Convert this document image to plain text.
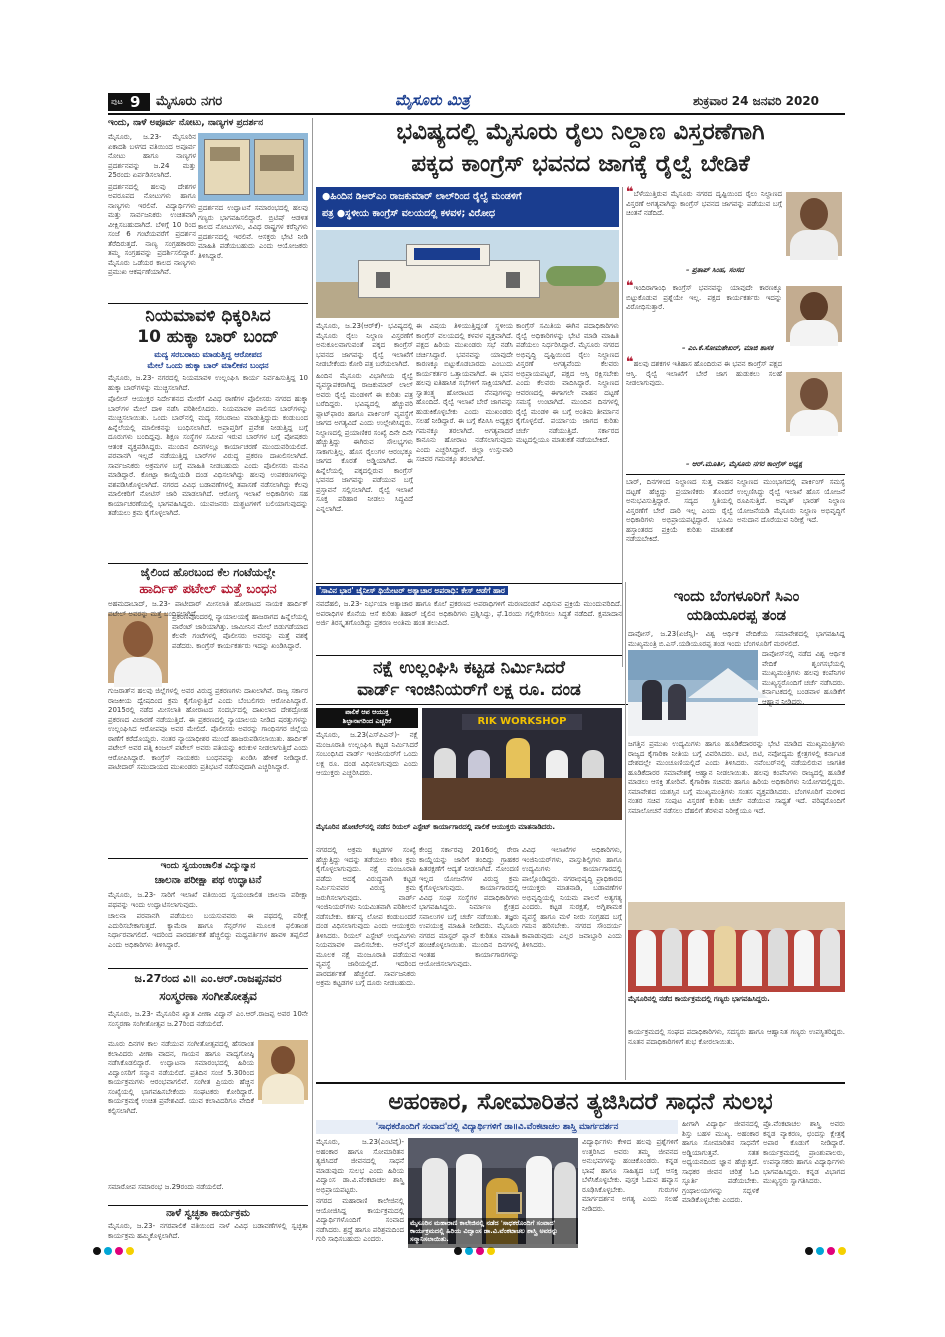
ಪುಟ 9 ಮೈಸೂರು ನಗರ	ಮೈಸೂರು ಮಿತ್ರ	ಶುಕ್ರವಾರ 24 ಜನವರಿ 2020
ಇಂದು, ನಾಳೆ ಅಪೂರ್ವ ನೋಟು, ನಾಣ್ಯಗಳ ಪ್ರದರ್ಶನ

ಮೈಸೂರು, ಜ.23- ಮೈಸೂರಿನ ಏಕಾದಶಿ ಬಳಗದ ವತಿಯಿಂದ ಅಪೂರ್ವ ನೋಟು ಹಾಗೂ ನಾಣ್ಯಗಳ ಪ್ರದರ್ಶನವನ್ನು ಜ.24 ಮತ್ತು 25ರಂದು ಏರ್ಪಡಿಸಲಾಗಿದೆ.

ಪ್ರದರ್ಶನದಲ್ಲಿ ಹಲವು ದೇಶಗಳ ಅಪರೂಪದ ನೋಟುಗಳು ಹಾಗೂ ನಾಣ್ಯಗಳು ಇರಲಿವೆ. ವಿದ್ಯಾರ್ಥಿಗಳು ಮತ್ತು ಸಾರ್ವಜನಿಕರು ಉಚಿತವಾಗಿ ವೀಕ್ಷಿಸಬಹುದಾಗಿದೆ. ಬೆಳಿಗ್ಗೆ 10 ರಿಂದ ಸಂಜೆ 6 ಗಂಟೆಯವರೆಗೆ ಪ್ರದರ್ಶನ ತೆರೆದಿರುತ್ತದೆ. ನಾಣ್ಯ ಸಂಗ್ರಹಕಾರರು ತಮ್ಮ ಸಂಗ್ರಹವನ್ನು ಪ್ರದರ್ಶಿಸಲಿದ್ದಾರೆ. ಮೈಸೂರು ಒಡೆಯರ ಕಾಲದ ನಾಣ್ಯಗಳು ಪ್ರಮುಖ ಆಕರ್ಷಣೆಯಾಗಿವೆ.

ಪ್ರದರ್ಶನದ ಉದ್ಘಾಟನೆ ಸಮಾರಂಭದಲ್ಲಿ ಹಲವು ಗಣ್ಯರು ಭಾಗವಹಿಸಲಿದ್ದಾರೆ. ಬ್ರಿಟಿಷ್ ಆಡಳಿತ ಕಾಲದ ನೋಟುಗಳು, ವಿವಿಧ ರಾಷ್ಟ್ರಗಳ ಕರೆನ್ಸಿಗಳು ಪ್ರದರ್ಶನದಲ್ಲಿ ಇರಲಿವೆ. ಆಸಕ್ತರು ಭೇಟಿ ನೀಡಿ ಮಾಹಿತಿ ಪಡೆಯಬಹುದು ಎಂದು ಆಯೋಜಕರು ತಿಳಿಸಿದ್ದಾರೆ.

ನಿಯಮಾವಳಿ ಧಿಕ್ಕರಿಸಿದ
10 ಹುಕ್ಕಾ ಬಾರ್ ಬಂದ್
ಮದ್ಯ ಸರಬರಾಜು ಮಾಡುತ್ತಿದ್ದ ಆರೋಪದ
ಮೇಲೆ ಒಂದು ಹುಕ್ಕಾ ಬಾರ್ ಮಾಲೀಕನ ಬಂಧನ

ಮೈಸೂರು, ಜ.23- ನಗರದಲ್ಲಿ ನಿಯಮಾವಳಿ ಉಲ್ಲಂಘಿಸಿ ಕಾರ್ಯ ನಿರ್ವಹಿಸುತ್ತಿದ್ದ 10 ಹುಕ್ಕಾ ಬಾರ್‌ಗಳನ್ನು ಮುಚ್ಚಿಸಲಾಗಿದೆ.

ಪೊಲೀಸ್ ಆಯುಕ್ತರ ನಿರ್ದೇಶನದ ಮೇರೆಗೆ ವಿವಿಧ ಠಾಣೆಗಳ ಪೊಲೀಸರು ನಗರದ ಹುಕ್ಕಾ ಬಾರ್‌ಗಳ ಮೇಲೆ ದಾಳಿ ನಡೆಸಿ ಪರಿಶೀಲಿಸಿದರು. ನಿಯಮಾವಳಿ ಪಾಲಿಸದ ಬಾರ್‌ಗಳನ್ನು ಮುಚ್ಚಿಸಲಾಯಿತು. ಒಂದು ಬಾರ್‌ನಲ್ಲಿ ಮದ್ಯ ಸರಬರಾಜು ಮಾಡುತ್ತಿದ್ದುದು ಕಂಡುಬಂದ ಹಿನ್ನೆಲೆಯಲ್ಲಿ ಮಾಲೀಕನನ್ನು ಬಂಧಿಸಲಾಗಿದೆ. ಅಪ್ರಾಪ್ತರಿಗೆ ಪ್ರವೇಶ ನೀಡುತ್ತಿದ್ದ ಬಗ್ಗೆ ದೂರುಗಳು ಬಂದಿದ್ದವು. ಶಿಕ್ಷಣ ಸಂಸ್ಥೆಗಳ ಸಮೀಪ ಇರುವ ಬಾರ್‌ಗಳ ಬಗ್ಗೆ ಪೋಷಕರು ಆತಂಕ ವ್ಯಕ್ತಪಡಿಸಿದ್ದರು. ಮುಂದಿನ ದಿನಗಳಲ್ಲೂ ಕಾರ್ಯಾಚರಣೆ ಮುಂದುವರಿಯಲಿದೆ. ಪರವಾನಗಿ ಇಲ್ಲದೆ ನಡೆಯುತ್ತಿದ್ದ ಬಾರ್‌ಗಳ ವಿರುದ್ಧ ಪ್ರಕರಣ ದಾಖಲಿಸಲಾಗಿದೆ. ಸಾರ್ವಜನಿಕರು ಅಕ್ರಮಗಳ ಬಗ್ಗೆ ಮಾಹಿತಿ ನೀಡಬಹುದು ಎಂದು ಪೊಲೀಸರು ಮನವಿ ಮಾಡಿದ್ದಾರೆ. ಕೋಟ್ಪಾ ಕಾಯ್ದೆಯಡಿ ದಂಡ ವಿಧಿಸಲಾಗಿದ್ದು ಹಲವು ಉಪಕರಣಗಳನ್ನು ವಶಪಡಿಸಿಕೊಳ್ಳಲಾಗಿದೆ. ನಗರದ ವಿವಿಧ ಬಡಾವಣೆಗಳಲ್ಲಿ ತಪಾಸಣೆ ನಡೆಸಲಾಗಿದ್ದು ಕೆಲವು ಮಾಲೀಕರಿಗೆ ನೋಟಿಸ್ ಜಾರಿ ಮಾಡಲಾಗಿದೆ. ಆರೋಗ್ಯ ಇಲಾಖೆ ಅಧಿಕಾರಿಗಳು ಸಹ ಕಾರ್ಯಾಚರಣೆಯಲ್ಲಿ ಭಾಗವಹಿಸಿದ್ದರು. ಯುವಜನರು ದುಶ್ಚಟಗಳಿಗೆ ಬಲಿಯಾಗುವುದನ್ನು ತಡೆಯಲು ಕ್ರಮ ಕೈಗೊಳ್ಳಲಾಗಿದೆ.

ಜೈಲಿಂದ ಹೊರಬಂದ ಕೆಲ ಗಂಟೆಯಲ್ಲೇ
ಹಾರ್ದಿಕ್ ಪಟೇಲ್ ಮತ್ತೆ ಬಂಧನ

ಅಹಮದಾಬಾದ್, ಜ.23- ಪಾಟೀದಾರ್ ಮೀಸಲಾತಿ ಹೋರಾಟದ ನಾಯಕ ಹಾರ್ದಿಕ್ ಪಟೇಲ್ ಅವರನ್ನು ಮತ್ತೆ ಬಂಧಿಸಲಾಗಿದೆ.

ಪ್ರಕರಣವೊಂದರಲ್ಲಿ ನ್ಯಾಯಾಲಯಕ್ಕೆ ಹಾಜರಾಗದ ಹಿನ್ನೆಲೆಯಲ್ಲಿ ವಾರೆಂಟ್ ಜಾರಿಯಾಗಿತ್ತು. ಜಾಮೀನಿನ ಮೇಲೆ ಬಿಡುಗಡೆಯಾದ ಕೆಲವೇ ಗಂಟೆಗಳಲ್ಲಿ ಪೊಲೀಸರು ಅವರನ್ನು ಮತ್ತೆ ವಶಕ್ಕೆ ಪಡೆದರು. ಕಾಂಗ್ರೆಸ್ ಕಾರ್ಯಕರ್ತರು ಇದನ್ನು ಖಂಡಿಸಿದ್ದಾರೆ.

ಗುಜರಾತ್‌ನ ಹಲವು ಜಿಲ್ಲೆಗಳಲ್ಲಿ ಅವರ ವಿರುದ್ಧ ಪ್ರಕರಣಗಳು ದಾಖಲಾಗಿವೆ. ರಾಜ್ಯ ಸರ್ಕಾರ ರಾಜಕೀಯ ದ್ವೇಷದಿಂದ ಕ್ರಮ ಕೈಗೊಳ್ಳುತ್ತಿದೆ ಎಂದು ಬೆಂಬಲಿಗರು ಆರೋಪಿಸಿದ್ದಾರೆ. 2015ರಲ್ಲಿ ನಡೆದ ಮೀಸಲಾತಿ ಹೋರಾಟದ ಸಂದರ್ಭದಲ್ಲಿ ದಾಖಲಾದ ದೇಶದ್ರೋಹ ಪ್ರಕರಣದ ವಿಚಾರಣೆ ನಡೆಯುತ್ತಿದೆ. ಈ ಪ್ರಕರಣದಲ್ಲಿ ನ್ಯಾಯಾಲಯ ನೀಡಿದ ಷರತ್ತುಗಳನ್ನು ಉಲ್ಲಂಘಿಸಿದ ಆರೋಪವೂ ಅವರ ಮೇಲಿದೆ. ಪೊಲೀಸರು ಅವರನ್ನು ಗಾಂಧಿನಗರ ಜಿಲ್ಲೆಯ ಠಾಣೆಗೆ ಕರೆದೊಯ್ದರು. ನಂತರ ನ್ಯಾಯಾಧೀಶರ ಮುಂದೆ ಹಾಜರುಪಡಿಸಲಾಯಿತು. ಹಾರ್ದಿಕ್ ಪಟೇಲ್ ಅವರ ಪತ್ನಿ ಕಿಂಜಲ್ ಪಟೇಲ್ ಅವರು ಪತಿಯನ್ನು ಕಿರುಕುಳ ನೀಡಲಾಗುತ್ತಿದೆ ಎಂದು ಆರೋಪಿಸಿದ್ದಾರೆ. ಕಾಂಗ್ರೆಸ್ ನಾಯಕರು ಬಂಧನವನ್ನು ಖಂಡಿಸಿ ಹೇಳಿಕೆ ನೀಡಿದ್ದಾರೆ. ಪಾಟೀದಾರ್ ಸಮುದಾಯದ ಮುಖಂಡರು ಪ್ರತಿಭಟನೆ ನಡೆಸುವುದಾಗಿ ಎಚ್ಚರಿಸಿದ್ದಾರೆ.

ಇಂದು ಸ್ವಯಂಚಾಲಿತ ವಿದ್ಯುನ್ಮಾನ
ಚಾಲನಾ ಪರೀಕ್ಷಾ ಪಥ ಉದ್ಘಾಟನೆ

ಮೈಸೂರು, ಜ.23- ಸಾರಿಗೆ ಇಲಾಖೆ ವತಿಯಿಂದ ಸ್ವಯಂಚಾಲಿತ ಚಾಲನಾ ಪರೀಕ್ಷಾ ಪಥವನ್ನು ಇಂದು ಉದ್ಘಾಟಿಸಲಾಗುವುದು.

ಚಾಲನಾ ಪರವಾನಗಿ ಪಡೆಯಲು ಬಯಸುವವರು ಈ ಪಥದಲ್ಲಿ ಪರೀಕ್ಷೆ ಎದುರಿಸಬೇಕಾಗುತ್ತದೆ. ಕ್ಯಾಮೆರಾ ಹಾಗೂ ಸೆನ್ಸರ್‌ಗಳ ಮೂಲಕ ಫಲಿತಾಂಶ ನಿರ್ಧಾರವಾಗಲಿದೆ. ಇದರಿಂದ ಪಾರದರ್ಶಕತೆ ಹೆಚ್ಚಲಿದ್ದು ಮಧ್ಯವರ್ತಿಗಳ ಹಾವಳಿ ತಪ್ಪಲಿದೆ ಎಂದು ಅಧಿಕಾರಿಗಳು ತಿಳಿಸಿದ್ದಾರೆ.

ಜ.27ರಂದ ವಿ॥ ಎಂ.ಆರ್.ರಾಜಪ್ಪನವರ
ಸಂಸ್ಮರಣಾ ಸಂಗೀತೋತ್ಸವ

ಮೈಸೂರು, ಜ.23- ಮೈಸೂರಿನ ಖ್ಯಾತ ವೀಣಾ ವಿದ್ವಾನ್ ಎಂ.ಆರ್.ರಾಜಪ್ಪ ಅವರ 10ನೇ ಸಂಸ್ಮರಣಾ ಸಂಗೀತೋತ್ಸವ ಜ.27ರಿಂದ ನಡೆಯಲಿದೆ.

ಮೂರು ದಿನಗಳ ಕಾಲ ನಡೆಯುವ ಸಂಗೀತೋತ್ಸವದಲ್ಲಿ ಹೆಸರಾಂತ ಕಲಾವಿದರು ವೀಣಾ ವಾದನ, ಗಾಯನ ಹಾಗೂ ವಾದ್ಯಗೋಷ್ಠಿ ನಡೆಸಿಕೊಡಲಿದ್ದಾರೆ. ಉದ್ಘಾಟನಾ ಸಮಾರಂಭದಲ್ಲಿ ಹಿರಿಯ ವಿದ್ವಾಂಸರಿಗೆ ಸನ್ಮಾನ ನಡೆಯಲಿದೆ. ಪ್ರತಿದಿನ ಸಂಜೆ 5.30ರಿಂದ ಕಾರ್ಯಕ್ರಮಗಳು ಆರಂಭವಾಗಲಿವೆ. ಸಂಗೀತ ಪ್ರಿಯರು ಹೆಚ್ಚಿನ ಸಂಖ್ಯೆಯಲ್ಲಿ ಭಾಗವಹಿಸಬೇಕೆಂದು ಸಂಘಟಕರು ಕೋರಿದ್ದಾರೆ. ಕಾರ್ಯಕ್ರಮಕ್ಕೆ ಉಚಿತ ಪ್ರವೇಶವಿದೆ. ಯುವ ಕಲಾವಿದರಿಗೂ ವೇದಿಕೆ ಕಲ್ಪಿಸಲಾಗಿದೆ.

ಸಮಾರೋಪ ಸಮಾರಂಭ ಜ.29ರಂದು ನಡೆಯಲಿದೆ.

ನಾಳೆ ಸ್ವಚ್ಛತಾ ಕಾರ್ಯಕ್ರಮ

ಮೈಸೂರು, ಜ.23- ನಗರಪಾಲಿಕೆ ವತಿಯಿಂದ ನಾಳೆ ವಿವಿಧ ಬಡಾವಣೆಗಳಲ್ಲಿ ಸ್ವಚ್ಛತಾ ಕಾರ್ಯಕ್ರಮ ಹಮ್ಮಿಕೊಳ್ಳಲಾಗಿದೆ.

ಭವಿಷ್ಯದಲ್ಲಿ ಮೈಸೂರು ರೈಲು ನಿಲ್ದಾಣ ವಿಸ್ತರಣೆಗಾಗಿ
ಪಕ್ಕದ ಕಾಂಗ್ರೆಸ್ ಭವನದ ಜಾಗಕ್ಕೆ ರೈಲ್ವೆ ಬೇಡಿಕೆ
●ಹಿಂದಿನ ಡಿಆರ್‌ಎಂ ರಾಜಕುಮಾರ್ ಲಾಲ್‌ರಿಂದ ರೈಲ್ವೆ ಮಂಡಳಿಗೆ
ಪತ್ರ ●ಸ್ಥಳೀಯ ಕಾಂಗ್ರೆಸ್ ವಲಯದಲ್ಲಿ ಕಳವಳ; ವಿರೋಧ

ಮೈಸೂರು, ಜ.23(ಆರ್‌ಕೆ)- ಭವಿಷ್ಯದಲ್ಲಿ ಮೈಸೂರು ರೈಲು ನಿಲ್ದಾಣ ವಿಸ್ತರಣೆಗೆ ಅನುಕೂಲವಾಗುವಂತೆ ಪಕ್ಕದ ಕಾಂಗ್ರೆಸ್ ಭವನದ ಜಾಗವನ್ನು ರೈಲ್ವೆ ಇಲಾಖೆಗೆ ನೀಡಬೇಕೆಂದು ಕೋರಿ ಪತ್ರ ಬರೆಯಲಾಗಿದೆ.

ಹಿಂದಿನ ಮೈಸೂರು ವಿಭಾಗೀಯ ರೈಲ್ವೆ ವ್ಯವಸ್ಥಾಪಕರಾಗಿದ್ದ ರಾಜಕುಮಾರ್ ಲಾಲ್ ಅವರು ರೈಲ್ವೆ ಮಂಡಳಿಗೆ ಈ ಕುರಿತು ಪತ್ರ ಬರೆದಿದ್ದರು. ಭವಿಷ್ಯದಲ್ಲಿ ಹೆಚ್ಚುವರಿ ಪ್ಲಾಟ್‌ಫಾರಂ ಹಾಗೂ ಪಾರ್ಕಿಂಗ್ ವ್ಯವಸ್ಥೆಗೆ ಜಾಗದ ಅಗತ್ಯವಿದೆ ಎಂದು ಉಲ್ಲೇಖಿಸಿದ್ದರು. ನಿಲ್ದಾಣದಲ್ಲಿ ಪ್ರಯಾಣಿಕರ ಸಂಖ್ಯೆ ದಿನೇ ದಿನೇ ಹೆಚ್ಚುತ್ತಿದ್ದು ಈಗಿರುವ ಸೌಲಭ್ಯಗಳು ಸಾಕಾಗುತ್ತಿಲ್ಲ. ಹೊಸ ರೈಲುಗಳ ಆರಂಭಕ್ಕೂ ಜಾಗದ ಕೊರತೆ ಅಡ್ಡಿಯಾಗಿದೆ. ಈ ಹಿನ್ನೆಲೆಯಲ್ಲಿ ಪಕ್ಕದಲ್ಲಿರುವ ಕಾಂಗ್ರೆಸ್ ಭವನದ ಜಾಗವನ್ನು ಪಡೆಯುವ ಬಗ್ಗೆ ಪ್ರಸ್ತಾವನೆ ಸಲ್ಲಿಸಲಾಗಿದೆ. ರೈಲ್ವೆ ಇಲಾಖೆ ಸೂಕ್ತ ಪರಿಹಾರ ನೀಡಲು ಸಿದ್ಧವಿದೆ ಎನ್ನಲಾಗಿದೆ.

ಈ ವಿಷಯ ತಿಳಿಯುತ್ತಿದ್ದಂತೆ ಸ್ಥಳೀಯ ಕಾಂಗ್ರೆಸ್ ವಲಯದಲ್ಲಿ ಕಳವಳ ವ್ಯಕ್ತವಾಗಿದೆ. ಪಕ್ಷದ ಹಿರಿಯ ಮುಖಂಡರು ಸಭೆ ನಡೆಸಿ ಚರ್ಚಿಸಿದ್ದಾರೆ. ಭವನವನ್ನು ಯಾವುದೇ ಕಾರಣಕ್ಕೂ ಬಿಟ್ಟುಕೊಡಬಾರದು ಎಂಬುದು ಕಾರ್ಯಕರ್ತರ ಒತ್ತಾಯವಾಗಿದೆ. ಈ ಭವನ ಹಲವು ಐತಿಹಾಸಿಕ ಸಭೆಗಳಿಗೆ ಸಾಕ್ಷಿಯಾಗಿದೆ. ಸ್ವಾತಂತ್ರ್ಯ ಹೋರಾಟದ ನೆನಪುಗಳನ್ನು ಹೊಂದಿದೆ. ರೈಲ್ವೆ ಇಲಾಖೆ ಬೇರೆ ಜಾಗವನ್ನು ಹುಡುಕಿಕೊಳ್ಳಬೇಕು ಎಂದು ಮುಖಂಡರು ಸಲಹೆ ನೀಡಿದ್ದಾರೆ. ಈ ಬಗ್ಗೆ ಕೆಪಿಸಿಸಿ ಅಧ್ಯಕ್ಷರ ಗಮನಕ್ಕೂ ತರಲಾಗಿದೆ. ಅಗತ್ಯವಾದರೆ ಕಾನೂನು ಹೋರಾಟ ನಡೆಸಲಾಗುವುದು ಎಂದು ಎಚ್ಚರಿಸಿದ್ದಾರೆ. ಜಿಲ್ಲಾ ಉಸ್ತುವಾರಿ ಸಚಿವರ ಗಮನಕ್ಕೂ ತರಲಾಗಿದೆ.

ಕಾಂಗ್ರೆಸ್ ಸಮಿತಿಯ ಈಗಿನ ಪದಾಧಿಕಾರಿಗಳು ರೈಲ್ವೆ ಅಧಿಕಾರಿಗಳನ್ನು ಭೇಟಿ ಮಾಡಿ ಮಾಹಿತಿ ಪಡೆಯಲು ನಿರ್ಧರಿಸಿದ್ದಾರೆ. ಮೈಸೂರು ನಗರದ ಅಭಿವೃದ್ಧಿ ದೃಷ್ಟಿಯಿಂದ ರೈಲು ನಿಲ್ದಾಣದ ವಿಸ್ತರಣೆ ಅಗತ್ಯವೆಂದು ಕೆಲವರು ಅಭಿಪ್ರಾಯಪಟ್ಟರೆ, ಪಕ್ಷದ ಆಸ್ತಿ ರಕ್ಷಿಸಬೇಕು ಎಂದು ಕೆಲವರು ವಾದಿಸಿದ್ದಾರೆ. ನಿಲ್ದಾಣದ ಆವರಣದಲ್ಲಿ ಈಗಾಗಲೇ ವಾಹನ ದಟ್ಟಣೆ ಸಮಸ್ಯೆ ಉಂಟಾಗಿದೆ. ಮುಂದಿನ ದಿನಗಳಲ್ಲಿ ರೈಲ್ವೆ ಮಂಡಳಿ ಈ ಬಗ್ಗೆ ಅಂತಿಮ ತೀರ್ಮಾನ ಕೈಗೊಳ್ಳಲಿದೆ. ಪರ್ಯಾಯ ಜಾಗದ ಕುರಿತು ಚರ್ಚೆ ನಡೆಯುತ್ತಿದೆ. ಸರ್ಕಾರದ ಮಟ್ಟದಲ್ಲಿಯೂ ಮಾತುಕತೆ ನಡೆಯಬೇಕಿದೆ.

❝ಬೆಳೆಯುತ್ತಿರುವ ಮೈಸೂರು ನಗರದ ದೃಷ್ಟಿಯಿಂದ ರೈಲು ನಿಲ್ದಾಣದ ವಿಸ್ತರಣೆ ಅಗತ್ಯವಾಗಿದ್ದು ಕಾಂಗ್ರೆಸ್ ಭವನದ ಜಾಗವನ್ನು ಪಡೆಯುವ ಬಗ್ಗೆ ಚಿಂತನೆ ನಡೆದಿದೆ.
– ಪ್ರತಾಪ್ ಸಿಂಹ, ಸಂಸದ
❝ಇಂದಿರಾಗಾಂಧಿ ಕಾಂಗ್ರೆಸ್ ಭವನವನ್ನು ಯಾವುದೇ ಕಾರಣಕ್ಕೂ ಬಿಟ್ಟುಕೊಡುವ ಪ್ರಶ್ನೆಯೇ ಇಲ್ಲ. ಪಕ್ಷದ ಕಾರ್ಯಕರ್ತರು ಇದನ್ನು ವಿರೋಧಿಸುತ್ತಾರೆ.
– ಎಂ.ಕೆ.ಸೋಮಶೇಖರ್, ಮಾಜಿ ಶಾಸಕ
❝ಹಲವು ದಶಕಗಳ ಇತಿಹಾಸ ಹೊಂದಿರುವ ಈ ಭವನ ಕಾಂಗ್ರೆಸ್ ಪಕ್ಷದ ಆಸ್ತಿ. ರೈಲ್ವೆ ಇಲಾಖೆಗೆ ಬೇರೆ ಜಾಗ ಹುಡುಕಲು ಸಲಹೆ ನೀಡಲಾಗುವುದು.
– ಆರ್.ಮೂರ್ತಿ, ಮೈಸೂರು ನಗರ ಕಾಂಗ್ರೆಸ್ ಅಧ್ಯಕ್ಷ

ಬಾರ್, ದಿನಗಳಿಂದ ನಿಲ್ದಾಣದ ಸುತ್ತ ವಾಹನ ದಟ್ಟಣೆ ಹೆಚ್ಚಿದ್ದು ಪ್ರಯಾಣಿಕರು ತೊಂದರೆ ಅನುಭವಿಸುತ್ತಿದ್ದಾರೆ. ಸದ್ಯದ ಸ್ಥಿತಿಯಲ್ಲಿ ವಿಸ್ತರಣೆಗೆ ಬೇರೆ ದಾರಿ ಇಲ್ಲ ಎಂದು ರೈಲ್ವೆ ಅಧಿಕಾರಿಗಳು ಅಭಿಪ್ರಾಯಪಟ್ಟಿದ್ದಾರೆ. ಭೂಮಿ ಹಸ್ತಾಂತರದ ಪ್ರಕ್ರಿಯೆ ಕುರಿತು ಮಾತುಕತೆ ನಡೆಯಬೇಕಿದೆ.

ನಿಲ್ದಾಣದ ಮುಂಭಾಗದಲ್ಲಿ ಪಾರ್ಕಿಂಗ್ ಸಮಸ್ಯೆ ಉಲ್ಬಣಿಸಿದ್ದು ರೈಲ್ವೆ ಇಲಾಖೆ ಹೊಸ ಯೋಜನೆ ರೂಪಿಸುತ್ತಿದೆ. ಅಮೃತ್ ಭಾರತ್ ನಿಲ್ದಾಣ ಯೋಜನೆಯಡಿ ಮೈಸೂರು ನಿಲ್ದಾಣ ಅಭಿವೃದ್ಧಿಗೆ ಅನುದಾನ ದೊರೆಯುವ ನಿರೀಕ್ಷೆ ಇದೆ.

'ಸಾವಿನ ಭಾರ' ಚೈನೀಸ್ ಥಿಯೇಟರ್ ಅತ್ಯಾಚಾರ ಅಪರಾಧಿ: ಕೇಸ್ ಆಡೆಗೆ ಹಾರ

ನವದೆಹಲಿ, ಜ.23- ನಿರ್ಭಯಾ ಅತ್ಯಾಚಾರ ಹಾಗೂ ಕೊಲೆ ಪ್ರಕರಣದ ಅಪರಾಧಿಗಳಿಗೆ ಮರಣದಂಡನೆ ವಿಧಿಸುವ ಪ್ರಕ್ರಿಯೆ ಮುಂದುವರಿದಿದೆ. ಅಪರಾಧಿಗಳ ಕೊನೆಯ ಆಸೆ ಕುರಿತು ತಿಹಾರ್ ಜೈಲಿನ ಅಧಿಕಾರಿಗಳು ಪ್ರಶ್ನಿಸಿದ್ದು, ಫೆ.1ರಂದು ಗಲ್ಲಿಗೇರಿಸಲು ಸಿದ್ಧತೆ ನಡೆದಿದೆ. ಕ್ಷಮಾದಾನ ಅರ್ಜಿ ತಿರಸ್ಕೃತಗೊಂಡಿದ್ದು ಪ್ರಕರಣ ಅಂತಿಮ ಹಂತ ತಲುಪಿದೆ.

ನಕ್ಷೆ ಉಲ್ಲಂಘಿಸಿ ಕಟ್ಟಡ ನಿರ್ಮಿಸಿದರೆ
ವಾರ್ಡ್ ಇಂಜಿನಿಯರ್‌ಗೆ ಲಕ್ಷ ರೂ. ದಂಡ
ಪಾಲಿಕೆ ಆಪ ಆಯುಕ್ತ
ಶಿಲ್ಪಾನಾಗರಿಂದ ಎಚ್ಚರಿಕೆ

ಮೈಸೂರು, ಜ.23(ಎಸ್‌ಪಿಎನ್)- ನಕ್ಷೆ ಮಂಜೂರಾತಿ ಉಲ್ಲಂಘಿಸಿ ಕಟ್ಟಡ ನಿರ್ಮಿಸಿದರೆ ಸಂಬಂಧಿಸಿದ ವಾರ್ಡ್ ಇಂಜಿನಿಯರ್‌ಗೆ ಒಂದು ಲಕ್ಷ ರೂ. ದಂಡ ವಿಧಿಸಲಾಗುವುದು ಎಂದು ಆಯುಕ್ತರು ಎಚ್ಚರಿಸಿದರು.

RIK WORKSHOP
ಮೈಸೂರಿನ ಹೋಟೆಲ್‌ನಲ್ಲಿ ನಡೆದ ರಿಯಲ್ ಎಸ್ಟೇಟ್ ಕಾರ್ಯಾಗಾರದಲ್ಲಿ ಪಾಲಿಕೆ ಆಯುಕ್ತರು ಮಾತನಾಡಿದರು.

ನಗರದಲ್ಲಿ ಅಕ್ರಮ ಕಟ್ಟಡಗಳ ಸಂಖ್ಯೆ ಹೆಚ್ಚುತ್ತಿದ್ದು ಇದನ್ನು ತಡೆಯಲು ಕಠಿಣ ಕ್ರಮ ಕೈಗೊಳ್ಳಲಾಗುವುದು. ನಕ್ಷೆ ಮಂಜೂರಾತಿ ಪಡೆದು ಅದಕ್ಕೆ ವಿರುದ್ಧವಾಗಿ ಕಟ್ಟಡ ನಿರ್ಮಿಸುವವರ ವಿರುದ್ಧ ಕ್ರಮ ಜರುಗಿಸಲಾಗುವುದು. ವಾರ್ಡ್ ಇಂಜಿನಿಯರ್‌ಗಳು ನಿಯಮಿತವಾಗಿ ಪರಿಶೀಲನೆ ನಡೆಸಬೇಕು. ಕರ್ತವ್ಯ ಲೋಪ ಕಂಡುಬಂದರೆ ದಂಡ ವಿಧಿಸಲಾಗುವುದು ಎಂದು ಆಯುಕ್ತರು ತಿಳಿಸಿದರು. ರಿಯಲ್ ಎಸ್ಟೇಟ್ ಉದ್ಯಮಿಗಳು ನಿಯಮಾವಳಿ ಪಾಲಿಸಬೇಕು. ಆನ್‌ಲೈನ್ ಮೂಲಕ ನಕ್ಷೆ ಮಂಜೂರಾತಿ ಪಡೆಯುವ ವ್ಯವಸ್ಥೆ ಜಾರಿಯಲ್ಲಿದೆ. ಇದರಿಂದ ಪಾರದರ್ಶಕತೆ ಹೆಚ್ಚಲಿದೆ. ಸಾರ್ವಜನಿಕರು ಅಕ್ರಮ ಕಟ್ಟಡಗಳ ಬಗ್ಗೆ ದೂರು ನೀಡಬಹುದು.

ಕೇಂದ್ರ ಸರ್ಕಾರವು 2016ರಲ್ಲಿ ರೇರಾ ಕಾಯ್ದೆಯನ್ನು ಜಾರಿಗೆ ತಂದಿದ್ದು ಗ್ರಾಹಕರ ಹಿತರಕ್ಷಣೆಗೆ ಆದ್ಯತೆ ನೀಡಲಾಗಿದೆ. ನೋಂದಣಿ ಇಲ್ಲದ ಯೋಜನೆಗಳ ವಿರುದ್ಧ ಕ್ರಮ ಕೈಗೊಳ್ಳಲಾಗುವುದು. ಕಾರ್ಯಾಗಾರದಲ್ಲಿ ವಿವಿಧ ಸಂಘ ಸಂಸ್ಥೆಗಳ ಪದಾಧಿಕಾರಿಗಳು ಭಾಗವಹಿಸಿದ್ದರು. ನಿರ್ಮಾಣ ಕ್ಷೇತ್ರದ ಸವಾಲುಗಳ ಬಗ್ಗೆ ಚರ್ಚೆ ನಡೆಯಿತು. ತಜ್ಞರು ಉಪಯುಕ್ತ ಮಾಹಿತಿ ನೀಡಿದರು. ಮೈಸೂರು ನಗರದ ಮಾಸ್ಟರ್ ಪ್ಲಾನ್ ಕುರಿತೂ ಮಾಹಿತಿ ಹಂಚಿಕೊಳ್ಳಲಾಯಿತು. ಮುಂದಿನ ದಿನಗಳಲ್ಲಿ ಇಂತಹ ಕಾರ್ಯಾಗಾರಗಳನ್ನು ಆಯೋಜಿಸಲಾಗುವುದು.

ವಿವಿಧ ಇಲಾಖೆಗಳ ಅಧಿಕಾರಿಗಳು, ಇಂಜಿನಿಯರ್‌ಗಳು, ವಾಸ್ತುಶಿಲ್ಪಿಗಳು ಹಾಗೂ ಉದ್ಯಮಿಗಳು ಕಾರ್ಯಾಗಾರದಲ್ಲಿ ಪಾಲ್ಗೊಂಡಿದ್ದರು. ನಗರಾಭಿವೃದ್ಧಿ ಪ್ರಾಧಿಕಾರದ ಆಯುಕ್ತರು ಮಾತನಾಡಿ, ಬಡಾವಣೆಗಳ ಅಭಿವೃದ್ಧಿಯಲ್ಲಿ ನಿಯಮ ಪಾಲನೆ ಅತ್ಯಗತ್ಯ ಎಂದರು. ಕಟ್ಟಡ ಸುರಕ್ಷತೆ, ಅಗ್ನಿಶಾಮಕ ವ್ಯವಸ್ಥೆ ಹಾಗೂ ಮಳೆ ನೀರು ಸಂಗ್ರಹದ ಬಗ್ಗೆ ಗಮನ ಹರಿಸಬೇಕು. ನಗರದ ಸೌಂದರ್ಯ ಕಾಪಾಡುವುದು ಎಲ್ಲರ ಜವಾಬ್ದಾರಿ ಎಂದು ತಿಳಿಸಿದರು.

ಇಂದು ಬೆಂಗಳೂರಿಗೆ ಸಿಎಂ
ಯಡಿಯೂರಪ್ಪ ತಂಡ

ದಾವೋಸ್, ಜ.23(ಏಜೆನ್ಸಿ)- ವಿಶ್ವ ಆರ್ಥಿಕ ವೇದಿಕೆಯ ಸಮಾವೇಶದಲ್ಲಿ ಭಾಗವಹಿಸಿದ್ದ ಮುಖ್ಯಮಂತ್ರಿ ಬಿ.ಎಸ್.ಯಡಿಯೂರಪ್ಪ ತಂಡ ಇಂದು ಬೆಂಗಳೂರಿಗೆ ಮರಳಲಿದೆ.

ದಾವೋಸ್‌ನಲ್ಲಿ ನಡೆದ ವಿಶ್ವ ಆರ್ಥಿಕ ವೇದಿಕೆ ಶೃಂಗಸಭೆಯಲ್ಲಿ ಮುಖ್ಯಮಂತ್ರಿಗಳು ಹಲವು ಕಂಪೆನಿಗಳ ಮುಖ್ಯಸ್ಥರೊಂದಿಗೆ ಚರ್ಚೆ ನಡೆಸಿದರು. ಕರ್ನಾಟಕದಲ್ಲಿ ಬಂಡವಾಳ ಹೂಡಿಕೆಗೆ ಆಹ್ವಾನ ನೀಡಿದರು.

ಜಗತ್ತಿನ ಪ್ರಮುಖ ಉದ್ಯಮಿಗಳು ಹಾಗೂ ಹೂಡಿಕೆದಾರರನ್ನು ಭೇಟಿ ಮಾಡಿದ ಮುಖ್ಯಮಂತ್ರಿಗಳು ರಾಜ್ಯದ ಕೈಗಾರಿಕಾ ನೀತಿಯ ಬಗ್ಗೆ ವಿವರಿಸಿದರು. ಐಟಿ, ಬಿಟಿ, ನವೋದ್ಯಮ ಕ್ಷೇತ್ರಗಳಲ್ಲಿ ಕರ್ನಾಟಕ ದೇಶದಲ್ಲೇ ಮುಂಚೂಣಿಯಲ್ಲಿದೆ ಎಂದು ತಿಳಿಸಿದರು. ನವೆಂಬರ್‌ನಲ್ಲಿ ನಡೆಯಲಿರುವ ಜಾಗತಿಕ ಹೂಡಿಕೆದಾರರ ಸಮಾವೇಶಕ್ಕೆ ಆಹ್ವಾನ ನೀಡಲಾಯಿತು. ಹಲವು ಕಂಪೆನಿಗಳು ರಾಜ್ಯದಲ್ಲಿ ಹೂಡಿಕೆ ಮಾಡಲು ಆಸಕ್ತಿ ತೋರಿವೆ. ಕೈಗಾರಿಕಾ ಸಚಿವರು ಹಾಗೂ ಹಿರಿಯ ಅಧಿಕಾರಿಗಳು ನಿಯೋಗದಲ್ಲಿದ್ದರು. ಸಮಾವೇಶದ ಯಶಸ್ಸಿನ ಬಗ್ಗೆ ಮುಖ್ಯಮಂತ್ರಿಗಳು ಸಂತಸ ವ್ಯಕ್ತಪಡಿಸಿದರು. ಬೆಂಗಳೂರಿಗೆ ಮರಳಿದ ನಂತರ ಸಚಿವ ಸಂಪುಟ ವಿಸ್ತರಣೆ ಕುರಿತು ಚರ್ಚೆ ನಡೆಯುವ ಸಾಧ್ಯತೆ ಇದೆ. ವರಿಷ್ಠರೊಂದಿಗೆ ಸಮಾಲೋಚನೆ ನಡೆಸಲು ದೆಹಲಿಗೆ ತೆರಳುವ ನಿರೀಕ್ಷೆಯೂ ಇದೆ.

ಮೈಸೂರಿನಲ್ಲಿ ನಡೆದ ಕಾರ್ಯಕ್ರಮದಲ್ಲಿ ಗಣ್ಯರು ಭಾಗವಹಿಸಿದ್ದರು.

ಕಾರ್ಯಕ್ರಮದಲ್ಲಿ ಸಂಘದ ಪದಾಧಿಕಾರಿಗಳು, ಸದಸ್ಯರು ಹಾಗೂ ಆಹ್ವಾನಿತ ಗಣ್ಯರು ಉಪಸ್ಥಿತರಿದ್ದರು. ನೂತನ ಪದಾಧಿಕಾರಿಗಳಿಗೆ ಶುಭ ಕೋರಲಾಯಿತು.

ಅಹಂಕಾರ, ಸೋಮಾರಿತನ ತ್ಯಜಿಸಿದರೆ ಸಾಧನೆ ಸುಲಭ
'ಸಾಧಕರೊಂದಿಗೆ ಸಂವಾದ'ದಲ್ಲಿ ವಿದ್ಯಾರ್ಥಿಗಳಿಗೆ ಡಾ॥ವಿ.ವೆಂಕಟಾಚಲ ಶಾಸ್ತ್ರಿ ಮಾರ್ಗದರ್ಶನ

ಮೈಸೂರು, ಜ.23(ಎಂಟಿವೈ)- ಅಹಂಕಾರ ಹಾಗೂ ಸೋಮಾರಿತನ ತ್ಯಜಿಸಿದರೆ ಜೀವನದಲ್ಲಿ ಸಾಧನೆ ಮಾಡುವುದು ಸುಲಭ ಎಂದು ಹಿರಿಯ ವಿದ್ವಾಂಸ ಡಾ.ವಿ.ವೆಂಕಟಾಚಲ ಶಾಸ್ತ್ರಿ ಅಭಿಪ್ರಾಯಪಟ್ಟರು.

ನಗರದ ಮಹಾರಾಣಿ ಕಾಲೇಜಿನಲ್ಲಿ ಆಯೋಜಿಸಿದ್ದ ಕಾರ್ಯಕ್ರಮದಲ್ಲಿ ವಿದ್ಯಾರ್ಥಿಗಳೊಂದಿಗೆ ಸಂವಾದ ನಡೆಸಿದರು. ಶ್ರದ್ಧೆ ಹಾಗೂ ಪರಿಶ್ರಮದಿಂದ ಗುರಿ ಸಾಧಿಸಬಹುದು ಎಂದರು.

ಮೈಸೂರಿನ ಮಹಾರಾಣಿ ಕಾಲೇಜಿನಲ್ಲಿ ನಡೆದ 'ಸಾಧಕರೊಂದಿಗೆ ಸಂವಾದ' ಕಾರ್ಯಕ್ರಮದಲ್ಲಿ ಹಿರಿಯ ವಿದ್ವಾಂಸ ಡಾ.ವಿ.ವೆಂಕಟಾಚಲ ಶಾಸ್ತ್ರಿ ಅವರನ್ನು ಸನ್ಮಾನಿಸಲಾಯಿತು.

ವಿದ್ಯಾರ್ಥಿಗಳು ಕೇಳಿದ ಹಲವು ಪ್ರಶ್ನೆಗಳಿಗೆ ಉತ್ತರಿಸಿದ ಅವರು ತಮ್ಮ ಜೀವನದ ಅನುಭವಗಳನ್ನು ಹಂಚಿಕೊಂಡರು. ಕನ್ನಡ ಭಾಷೆ ಹಾಗೂ ಸಾಹಿತ್ಯದ ಬಗ್ಗೆ ಆಸಕ್ತಿ ಬೆಳೆಸಿಕೊಳ್ಳಬೇಕು. ಪುಸ್ತಕ ಓದುವ ಹವ್ಯಾಸ ರೂಢಿಸಿಕೊಳ್ಳಬೇಕು. ಗುರುಗಳ ಮಾರ್ಗದರ್ಶನ ಅಗತ್ಯ ಎಂದು ಸಲಹೆ ನೀಡಿದರು.

ಹೀಗಾಗಿ ವಿದ್ಯಾರ್ಥಿ ಜೀವನದಲ್ಲಿ ಶಿಸ್ತು ಬಹಳ ಮುಖ್ಯ. ಅಹಂಕಾರ ಹಾಗೂ ಸೋಮಾರಿತನ ಸಾಧನೆಗೆ ಅಡ್ಡಿಯಾಗುತ್ತವೆ. ಸತತ ಅಧ್ಯಯನದಿಂದ ಜ್ಞಾನ ಹೆಚ್ಚುತ್ತದೆ. ಸಾಧಕರ ಜೀವನ ಚರಿತ್ರೆ ಓದಿ ಸ್ಫೂರ್ತಿ ಪಡೆಯಬೇಕು. ಗ್ರಂಥಾಲಯಗಳನ್ನು ಸದ್ಬಳಕೆ ಮಾಡಿಕೊಳ್ಳಬೇಕು ಎಂದರು.

ಪ್ರೊ.ವೆಂಕಟಾಚಲ ಶಾಸ್ತ್ರಿ ಅವರು ಕನ್ನಡ ವ್ಯಾಕರಣ, ಛಂದಸ್ಸು ಕ್ಷೇತ್ರಕ್ಕೆ ಅಪಾರ ಕೊಡುಗೆ ನೀಡಿದ್ದಾರೆ. ಕಾರ್ಯಕ್ರಮದಲ್ಲಿ ಪ್ರಾಂಶುಪಾಲರು, ಉಪನ್ಯಾಸಕರು ಹಾಗೂ ವಿದ್ಯಾರ್ಥಿಗಳು ಭಾಗವಹಿಸಿದ್ದರು. ಕನ್ನಡ ವಿಭಾಗದ ಮುಖ್ಯಸ್ಥರು ಸ್ವಾಗತಿಸಿದರು.
